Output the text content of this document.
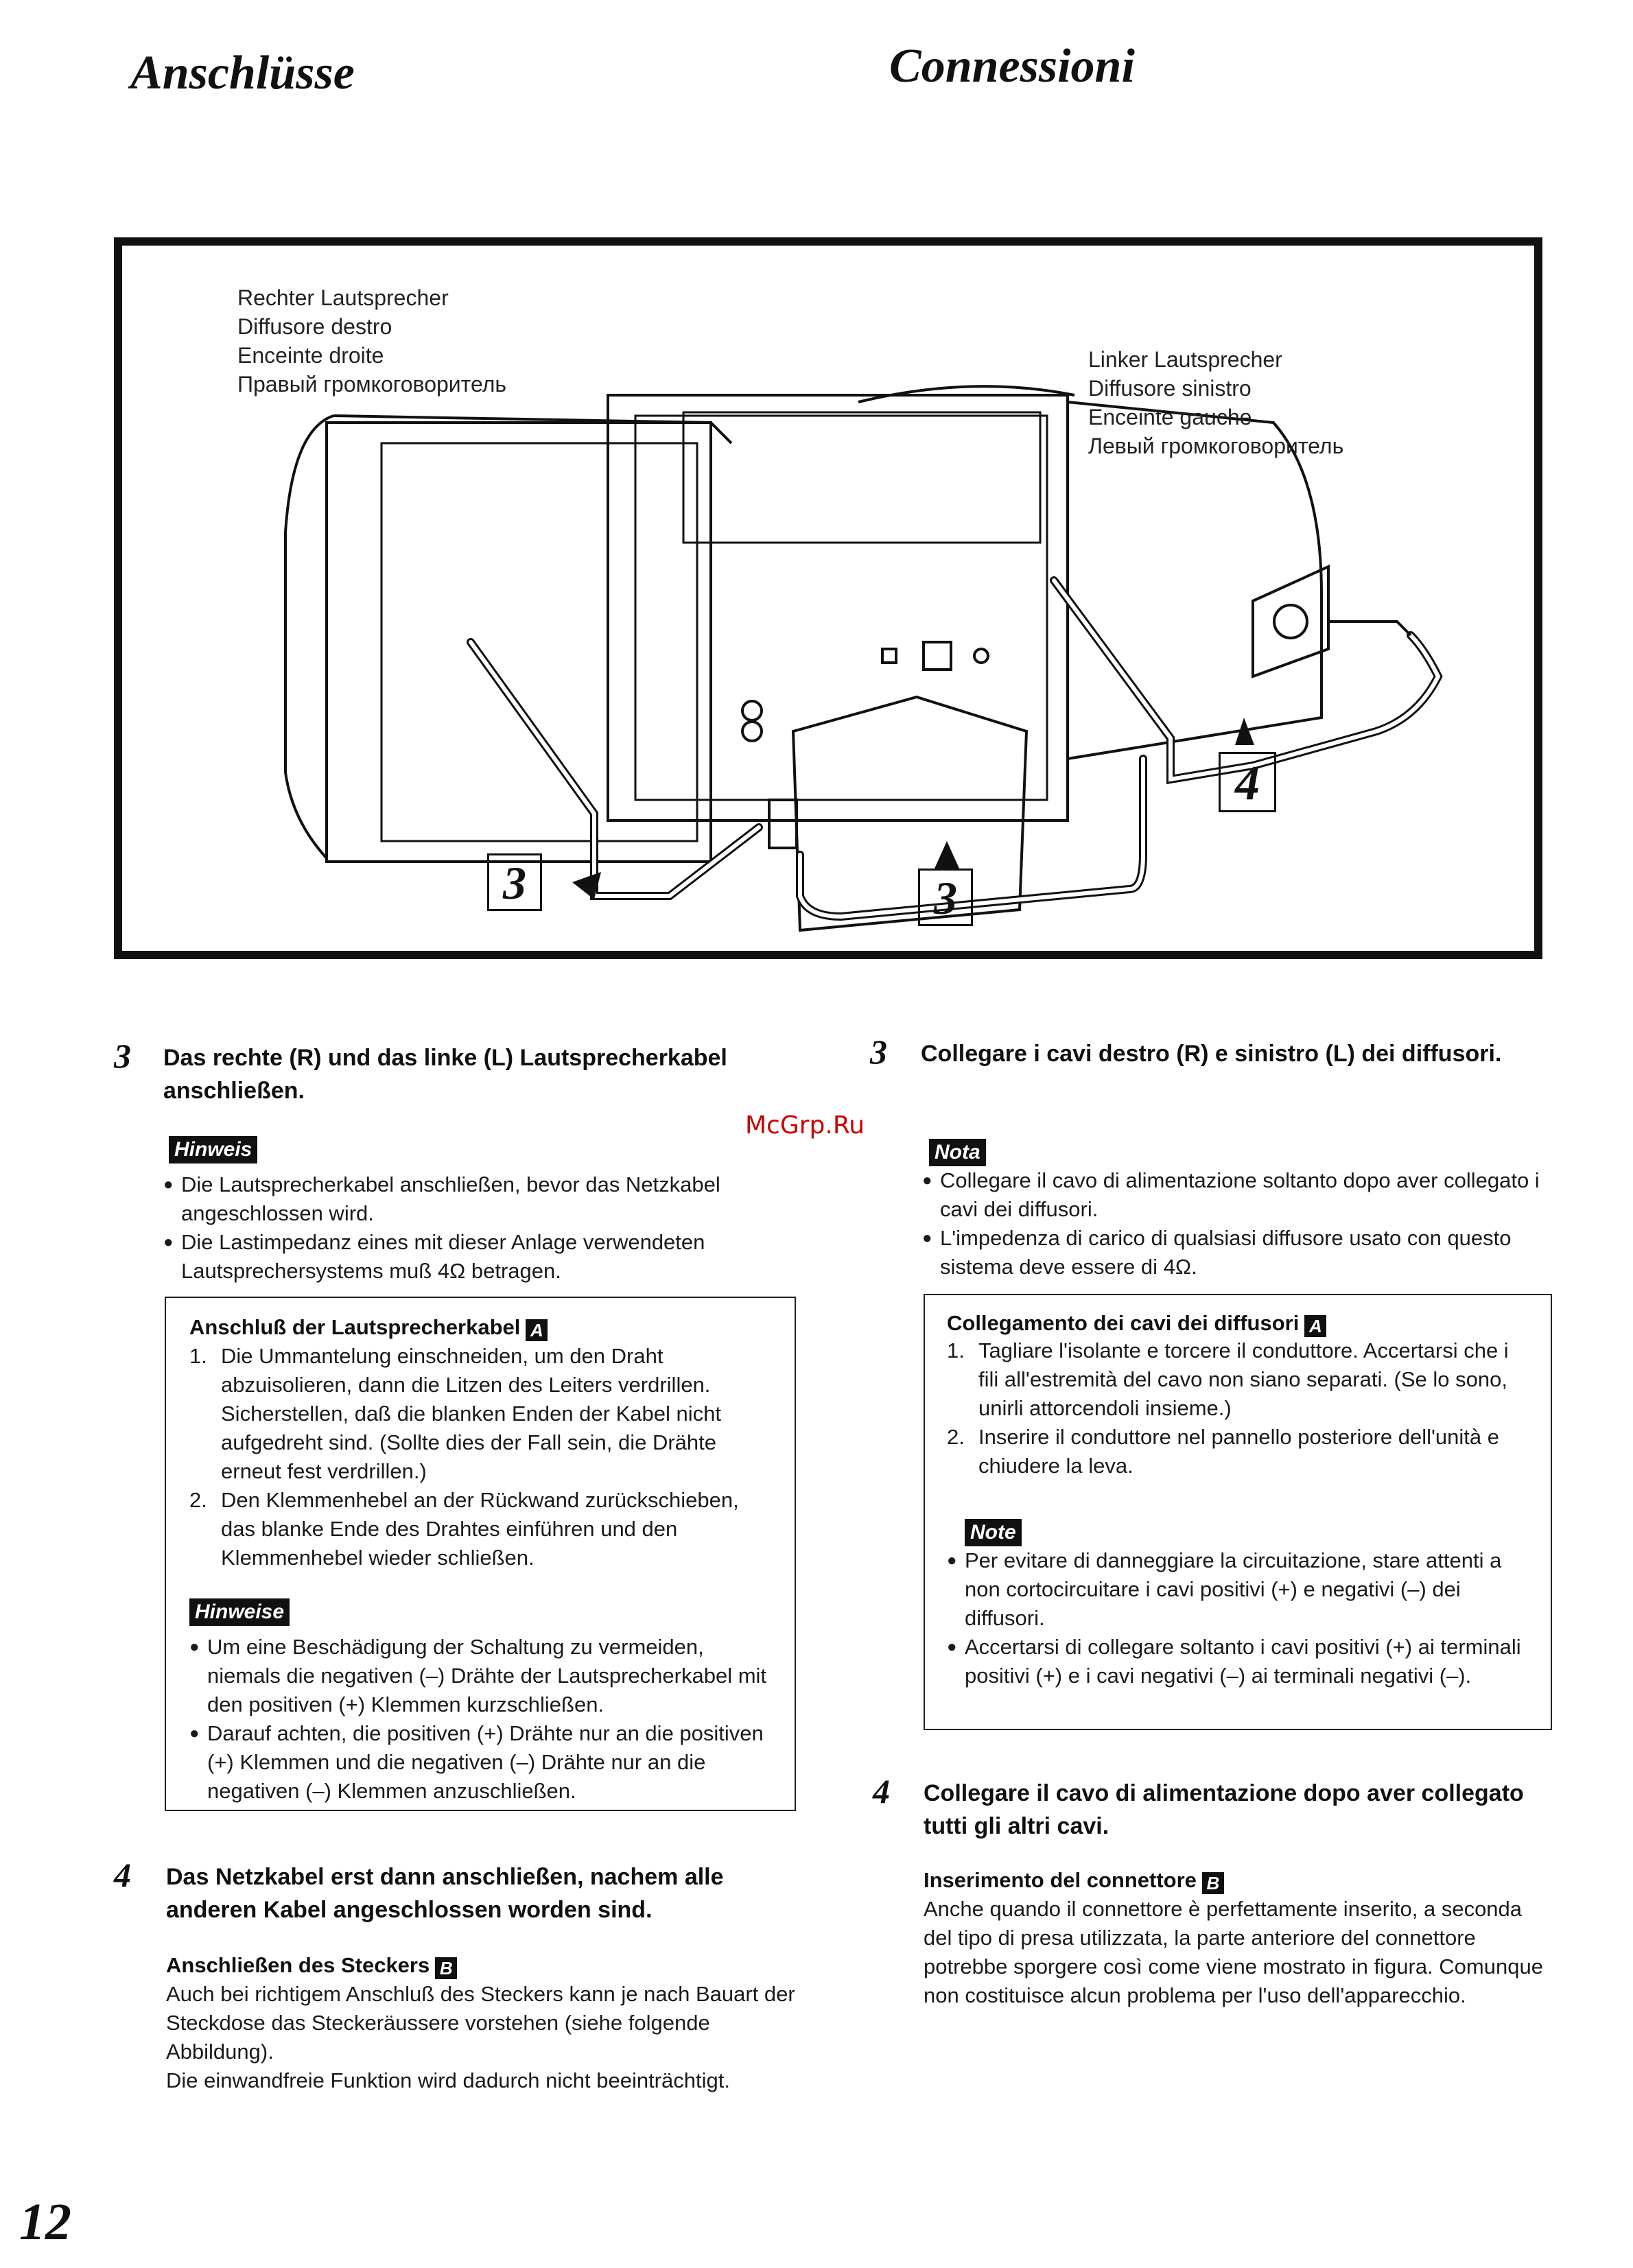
Anschlüsse	Connessioni
Rechter Lautsprecher
Diffusore destro
Enceinte droite
Правый громкоговоритель
Linker Lautsprecher
Diffusore sinistro
Enceinte gauche
Левый громкоговоритель
3	3
4
3 Das rechte (R) und das linke (L) Lautsprecherkabel anschließen.
Hinweis
● Die Lautsprecherkabel anschließen, bevor das Netzkabel angeschlossen wird.
● Die Lastimpedanz eines mit dieser Anlage verwendeten Lautsprechersystems muß 4Ω betragen.
Anschluß der Lautsprecherkabel A
1. Die Ummantelung einschneiden, um den Draht abzuisolieren, dann die Litzen des Leiters verdrillen. Sicherstellen, daß die blanken Enden der Kabel nicht aufgedreht sind. (Sollte dies der Fall sein, die Drähte erneut fest verdrillen.)
2. Den Klemmenhebel an der Rückwand zurückschieben, das blanke Ende des Drahtes einführen und den Klemmenhebel wieder schließen.
Hinweise
● Um eine Beschädigung der Schaltung zu vermeiden, niemals die negativen (–) Drähte der Lautsprecherkabel mit den positiven (+) Klemmen kurzschließen.
● Darauf achten, die positiven (+) Drähte nur an die positiven (+) Klemmen und die negativen (–) Drähte nur an die negativen (–) Klemmen anzuschließen.
4 Das Netzkabel erst dann anschließen, nachem alle anderen Kabel angeschlossen worden sind.
Anschließen des Steckers B
Auch bei richtigem Anschluß des Steckers kann je nach Bauart der Steckdose das Steckeräussere vorstehen (siehe folgende Abbildung).
Die einwandfreie Funktion wird dadurch nicht beeinträchtigt.
McGrp.Ru
3 Collegare i cavi destro (R) e sinistro (L) dei diffusori.
Nota
● Collegare il cavo di alimentazione soltanto dopo aver collegato i cavi dei diffusori.
● L'impedenza di carico di qualsiasi diffusore usato con questo sistema deve essere di 4Ω.
Collegamento dei cavi dei diffusori A
1. Tagliare l'isolante e torcere il conduttore. Accertarsi che i fili all'estremità del cavo non siano separati. (Se lo sono, unirli attorcendoli insieme.)
2. Inserire il conduttore nel pannello posteriore dell'unità e chiudere la leva.
Note
● Per evitare di danneggiare la circuitazione, stare attenti a non cortocircuitare i cavi positivi (+) e negativi (–) dei diffusori.
● Accertarsi di collegare soltanto i cavi positivi (+) ai terminali positivi (+) e i cavi negativi (–) ai terminali negativi (–).
4 Collegare il cavo di alimentazione dopo aver collegato tutti gli altri cavi.
Inserimento del connettore B
Anche quando il connettore è perfettamente inserito, a seconda del tipo di presa utilizzata, la parte anteriore del connettore potrebbe sporgere così come viene mostrato in figura. Comunque non costituisce alcun problema per l'uso dell'apparecchio.
12
